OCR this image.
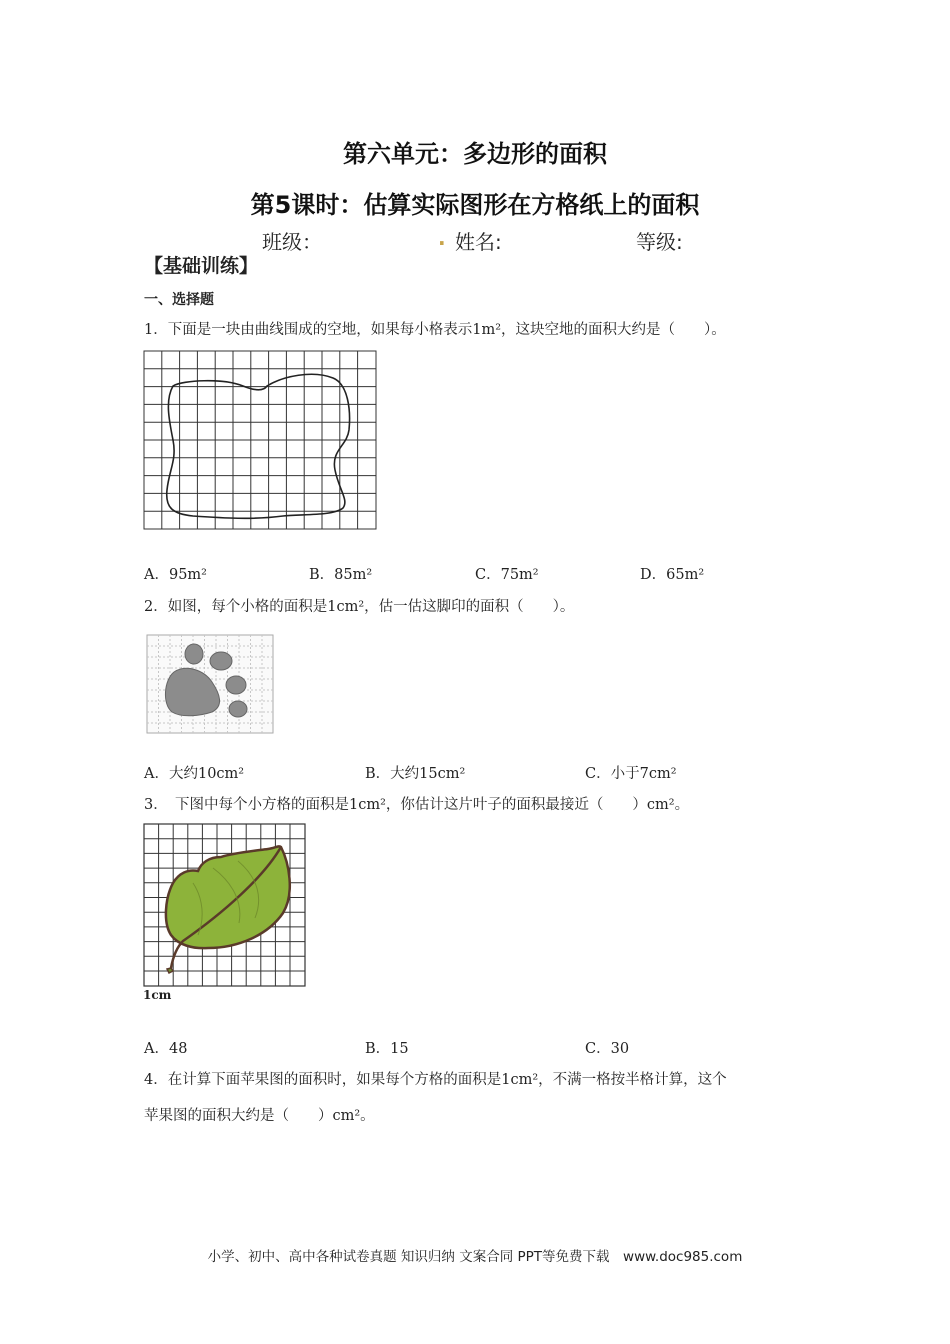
第六单元：多边形的面积
第5课时：估算实际图形在方格纸上的面积
班级：	. 姓名:	等级:
【基础训练】
一、选择题
1．下面是一块由曲线围成的空地，如果每小格表示1m²，这块空地的面积大约是（　　）。
A．95m²	B．85m²	C．75m²	D．65m²
2．如图，每个小格的面积是1cm²，估一估这脚印的面积（　　）。
A．大约10cm²	B．大约15cm²	C．小于7cm²
3．　下图中每个小方格的面积是1cm²，你估计这片叶子的面积最接近（　　）cm²。
1cm
A．48	B．15	C．30
4．在计算下面苹果图的面积时，如果每个方格的面积是1cm²，不满一格按半格计算，这个
苹果图的面积大约是（　　）cm²。
小学、初中、高中各种试卷真题 知识归纳 文案合同 PPT等免费下载　www.doc985.com
